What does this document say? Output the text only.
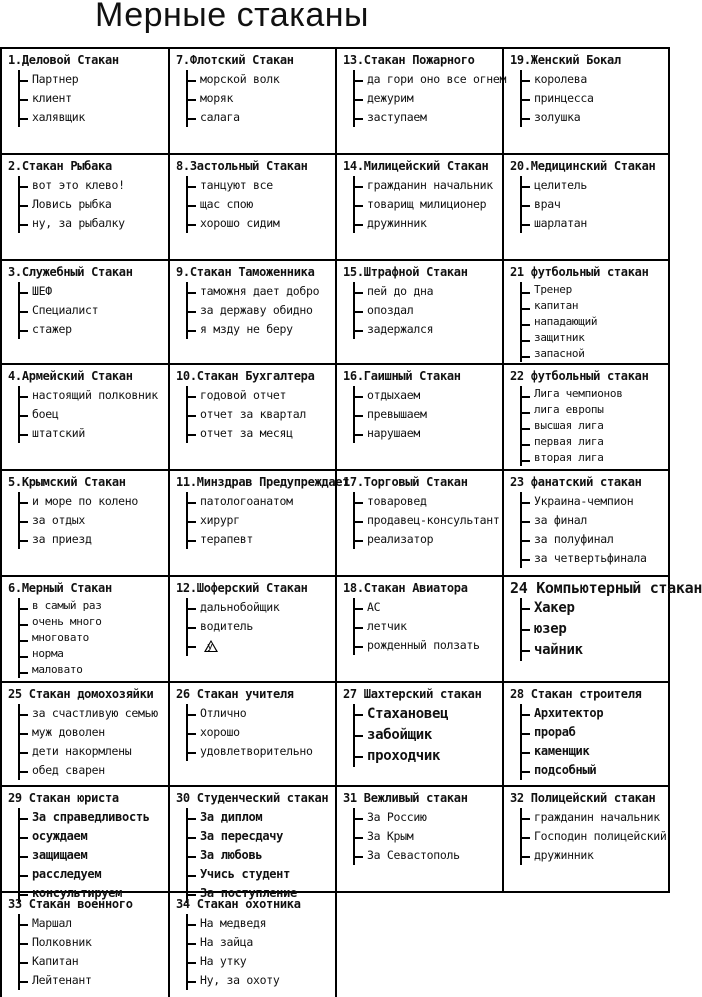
Мерные стаканы
1.Деловой Стакан
Партнер
клиент
халявщик
7.Флотский Стакан
морской волк
моряк
салага
13.Стакан Пожарного
да гори оно все огнем
дежурим
заступаем
19.Женский Бокал
королева
принцесса
золушка
2.Стакан Рыбака
вот это клево!
Ловись рыбка
ну, за рыбалку
8.Застольный Стакан
танцуют все
щас спою
хорошо сидим
14.Милицейский Стакан
гражданин начальник
товарищ милиционер
дружинник
20.Медицинский Стакан
целитель
врач
шарлатан
3.Служебный Стакан
ШЕФ
Специалист
стажер
9.Стакан Таможенника
таможня дает добро
за державу обидно
я мзду не беру
15.Штрафной Стакан
пей до дна
опоздал
задержался
21 футбольный стакан
Тренер
капитан
нападающий
защитник
запасной
4.Армейский Стакан
настоящий полковник
боец
штатский
10.Стакан Бухгалтера
годовой отчет
отчет за квартал
отчет за месяц
16.Гаишный Стакан
отдыхаем
превышаем
нарушаем
22 футбольный стакан
Лига чемпионов
лига европы
высшая лига
первая лига
вторая лига
5.Крымский Стакан
и море по колено
за отдых
за приезд
11.Минздрав Предупреждает
патологоанатом
хирург
терапевт
17.Торговый Стакан
товаровед
продавец-консультант
реализатор
23 фанатский стакан
Украина-чемпион
за финал
за полуфинал
за четвертьфинала
6.Мерный Стакан
в самый раз
очень много
многовато
норма
маловато
12.Шоферский Стакан
дальнобойщик
водитель
У
18.Стакан Авиатора
АС
летчик
рожденный ползать
24 Компьютерный стакан
Хакер
юзер
чайник
25 Стакан домохозяйки
за счастливую семью
муж доволен
дети накормлены
обед сварен
26 Стакан учителя
Отлично
хорошо
удовлетворительно
27 Шахтерский стакан
Стахановец
забойщик
проходчик
28 Стакан строителя
Архитектор
прораб
каменщик
подсобный
29 Стакан юриста
За справедливость
осуждаем
защищаем
расследуем
консультируем
30 Студенческий стакан
За диплом
За пересдачу
За любовь
Учись студент
За поступление
31 Вежливый стакан
За Россию
За Крым
За Севастополь
32 Полицейский стакан
гражданин начальник
Господин полицейский
дружинник
33 Стакан военного
Маршал
Полковник
Капитан
Лейтенант
34 Стакан охотника
На медведя
На зайца
На утку
Ну, за охоту
